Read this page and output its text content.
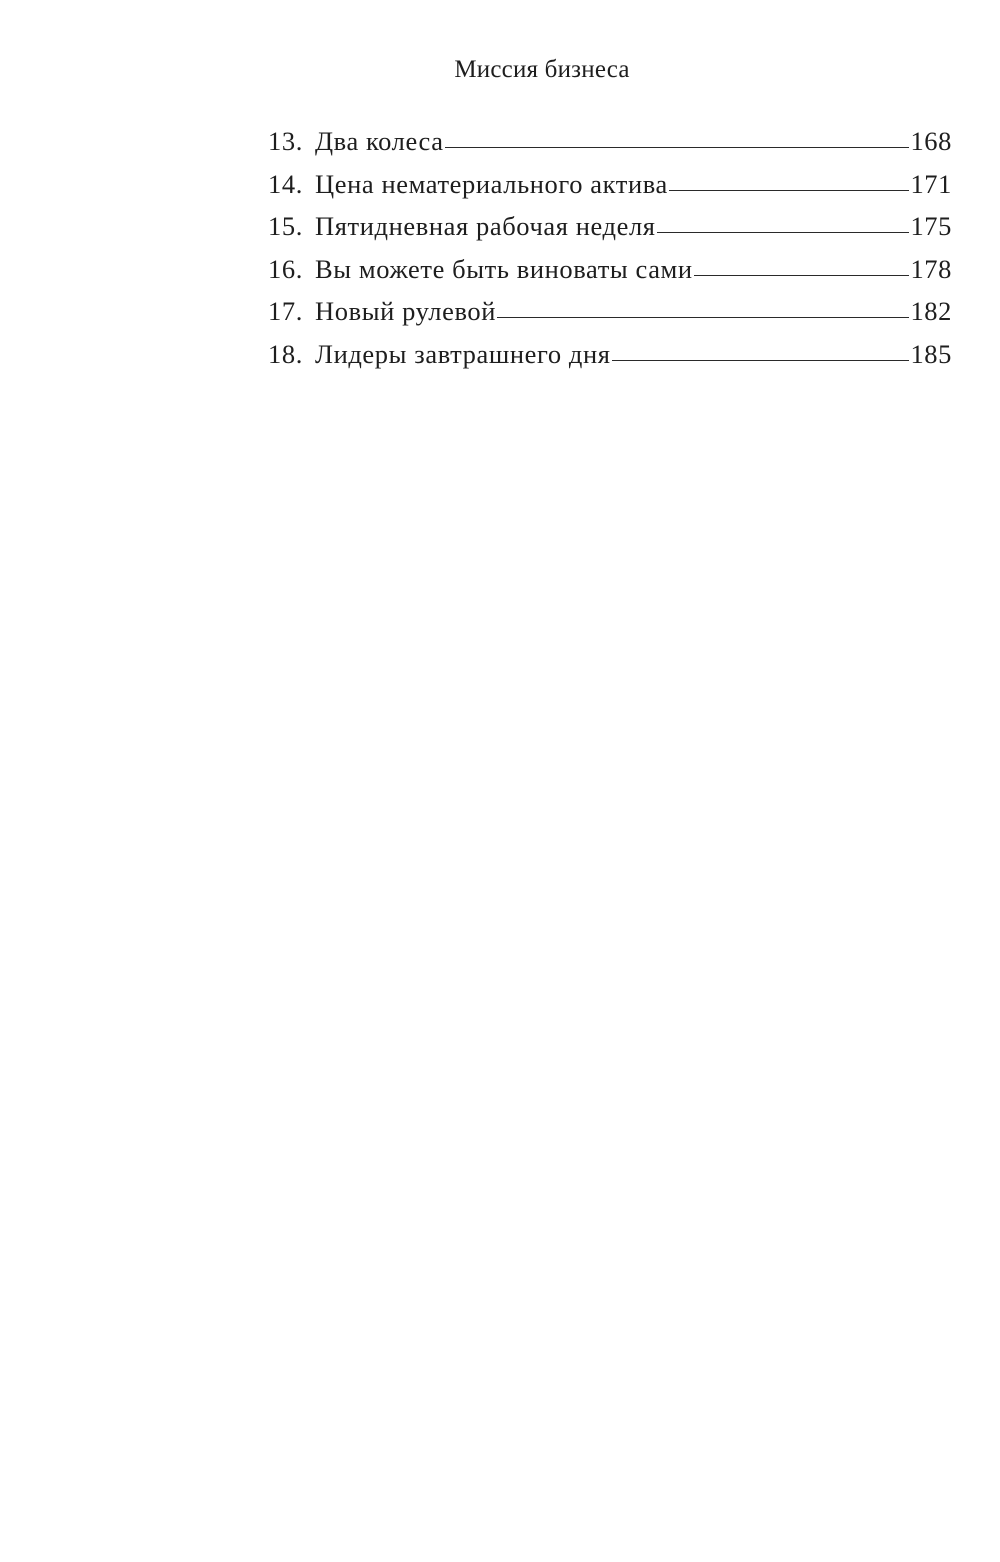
Миссия бизнеса
13. Два колеса	168
14. Цена нематериального актива	171
15. Пятидневная рабочая неделя	175
16. Вы можете быть виноваты сами	178
17. Новый рулевой	182
18. Лидеры завтрашнего дня	185
